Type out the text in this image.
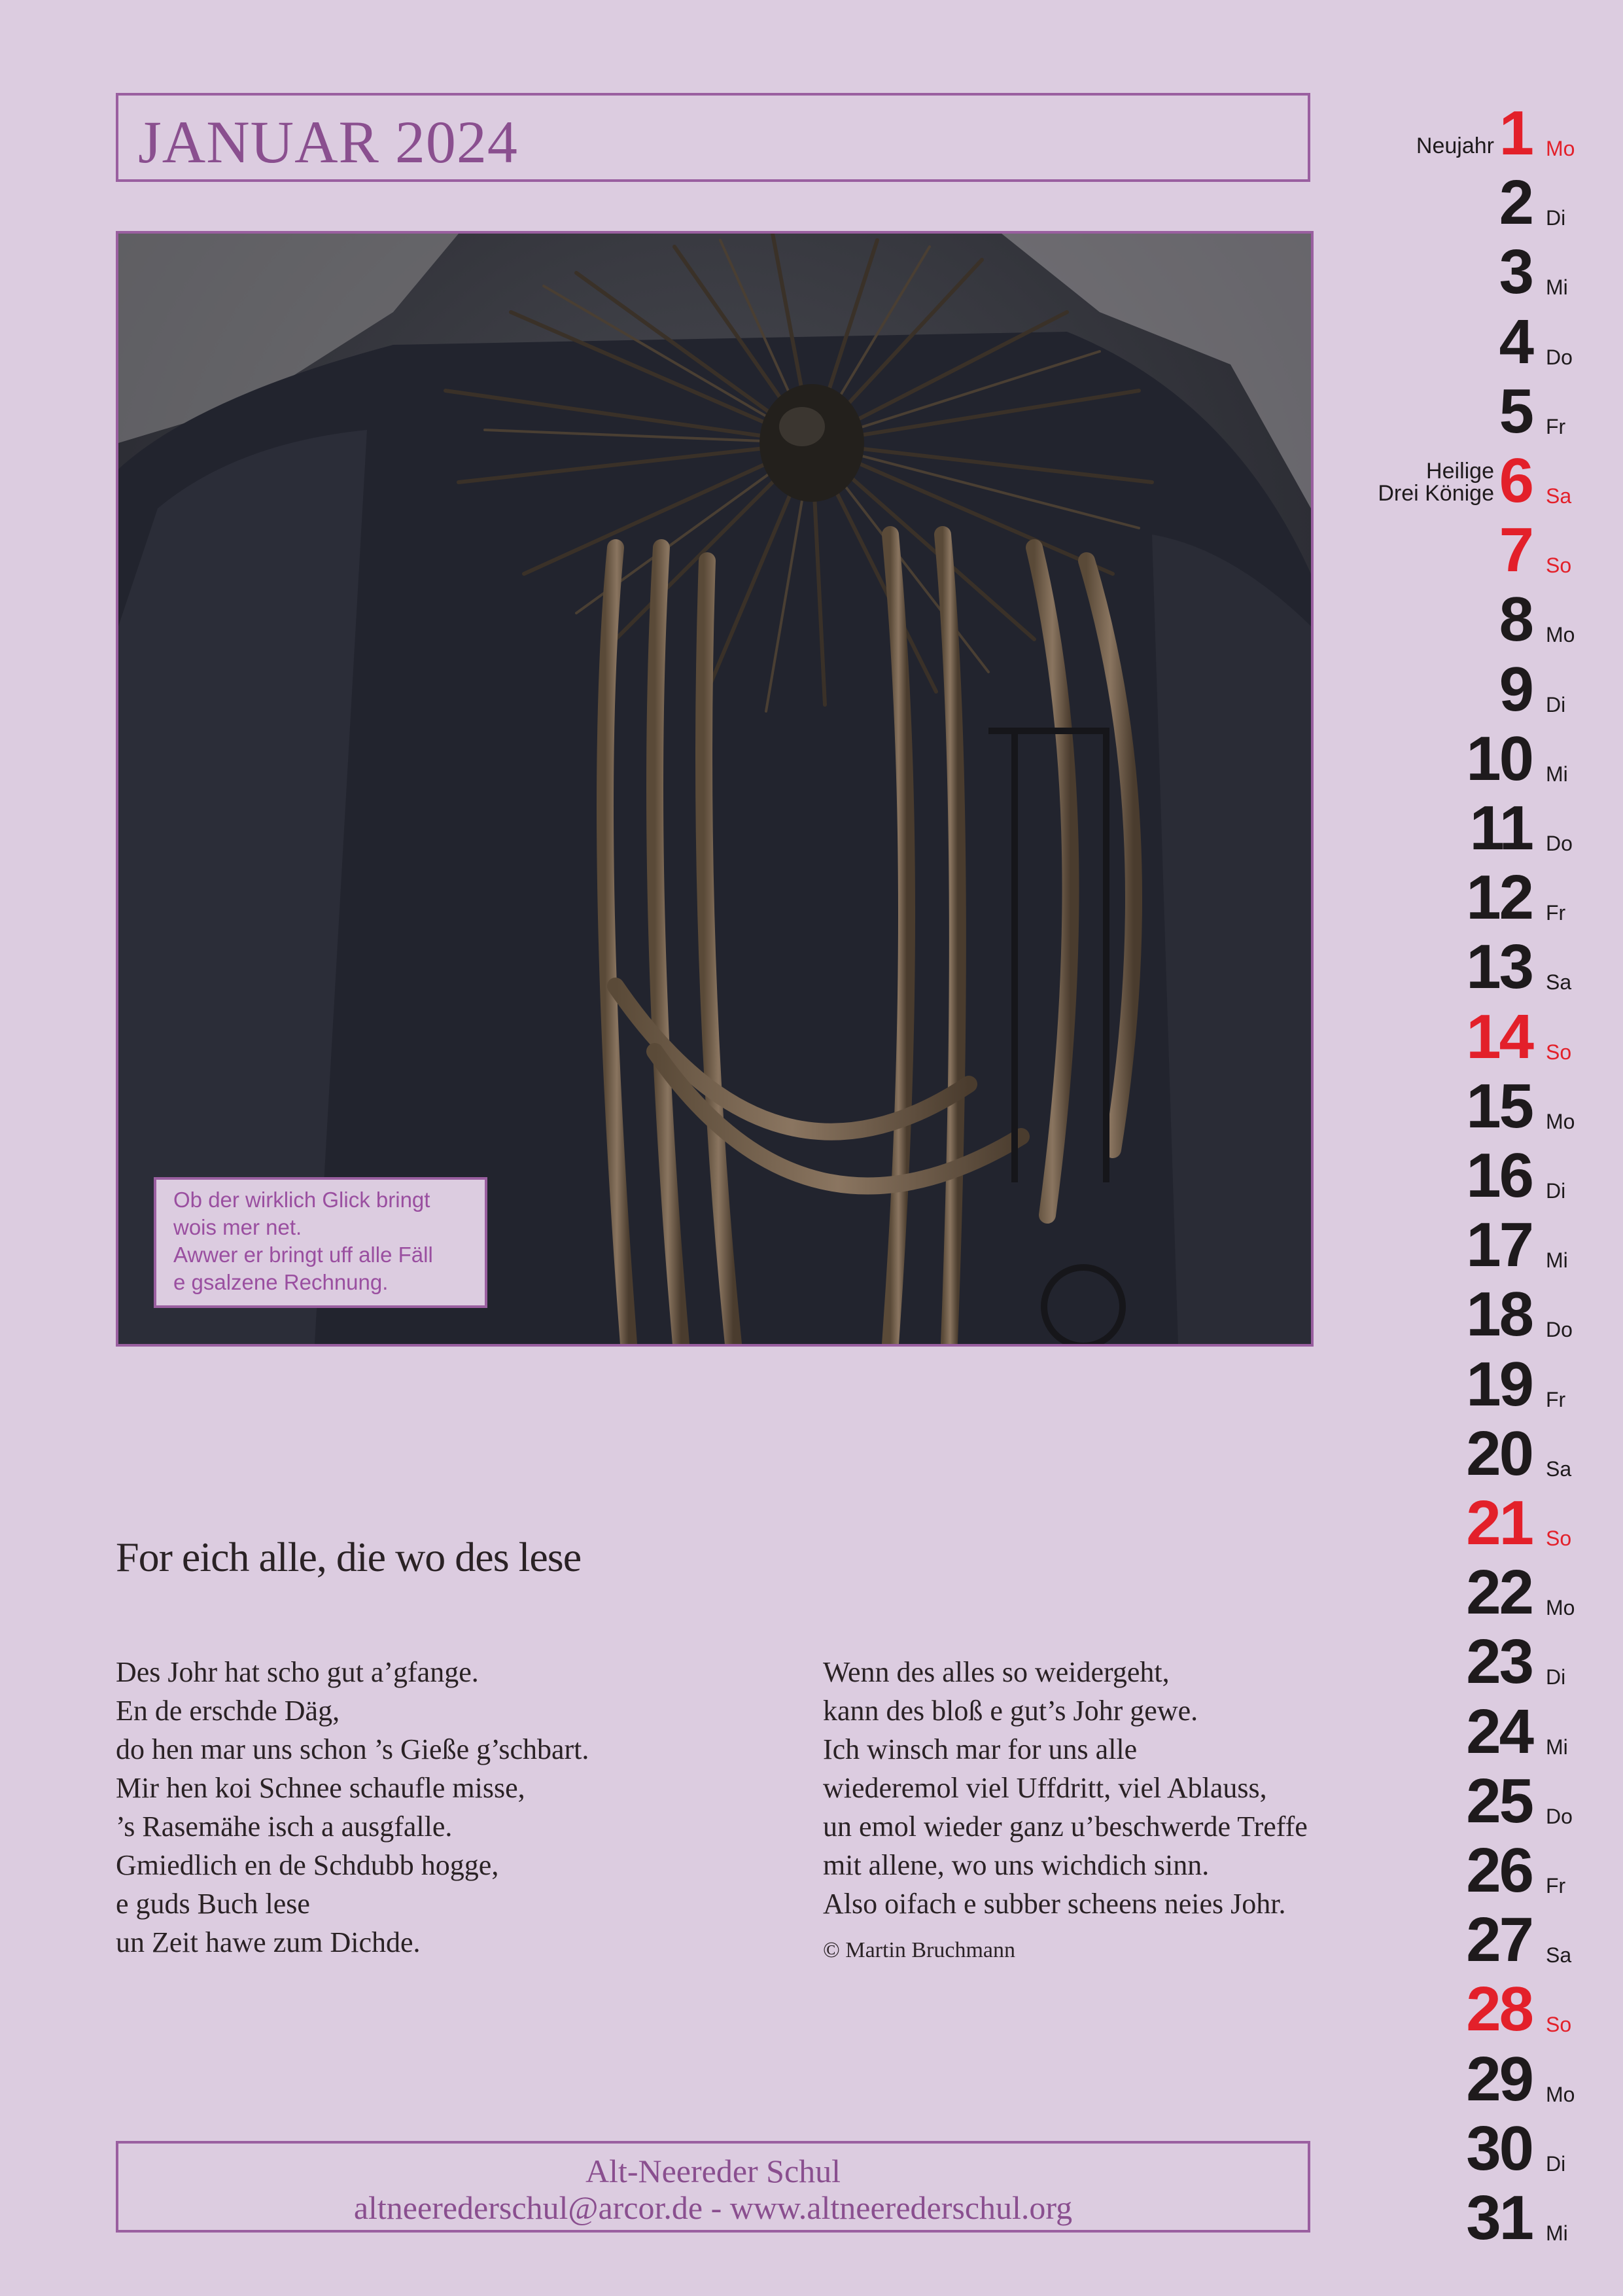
JANUAR 2024
Ob der wirklich Glick bringt
wois mer net.
Awwer er bringt uff alle Fäll
e gsalzene Rechnung.
For eich alle, die wo des lese
Des Johr hat scho gut a’gfange.
En de erschde Däg,
do hen mar uns schon ’s Gieße g’schbart.
Mir hen koi Schnee schaufle misse,
’s Rasemähe isch a ausgfalle.
Gmiedlich en de Schdubb hogge,
e guds Buch lese
un Zeit hawe zum Dichde.
Wenn des alles so weidergeht,
kann des bloß e gut’s Johr gewe.
Ich winsch mar for uns alle
wiederemol viel Uffdritt, viel Ablauss,
un emol wieder ganz u’beschwerde Treffe
mit allene, wo uns wichdich sinn.
Also oifach e subber scheens neies Johr.
© Martin Bruchmann
Alt-Neereder Schul
altneerederschul@arcor.de - www.altneerederschul.org
1 Mo
Neujahr
2 Di
3 Mi
4 Do
5 Fr
6 Sa
Heilige
Drei Könige
7 So
8 Mo
9 Di
10 Mi
11 Do
12 Fr
13 Sa
14 So
15 Mo
16 Di
17 Mi
18 Do
19 Fr
20 Sa
21 So
22 Mo
23 Di
24 Mi
25 Do
26 Fr
27 Sa
28 So
29 Mo
30 Di
31 Mi
